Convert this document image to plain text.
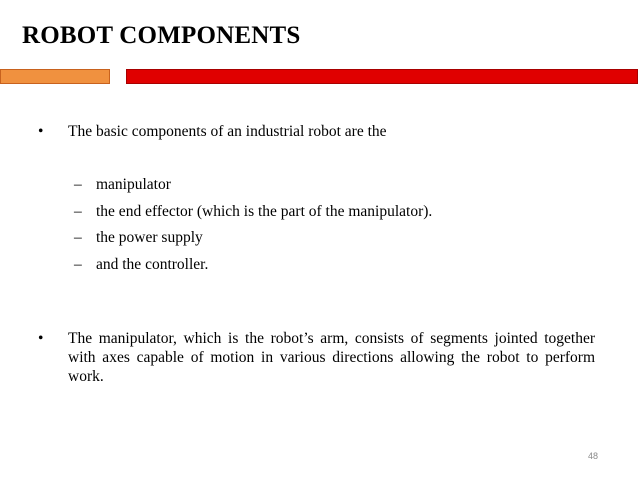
ROBOT COMPONENTS
• The basic components of an industrial robot are the
– manipulator
– the end effector (which is the part of the manipulator).
– the power supply
– and the controller.
• The manipulator, which is the robot’s arm, consists of segments jointed together with axes capable of motion in various directions allowing the robot to perform work.
48
